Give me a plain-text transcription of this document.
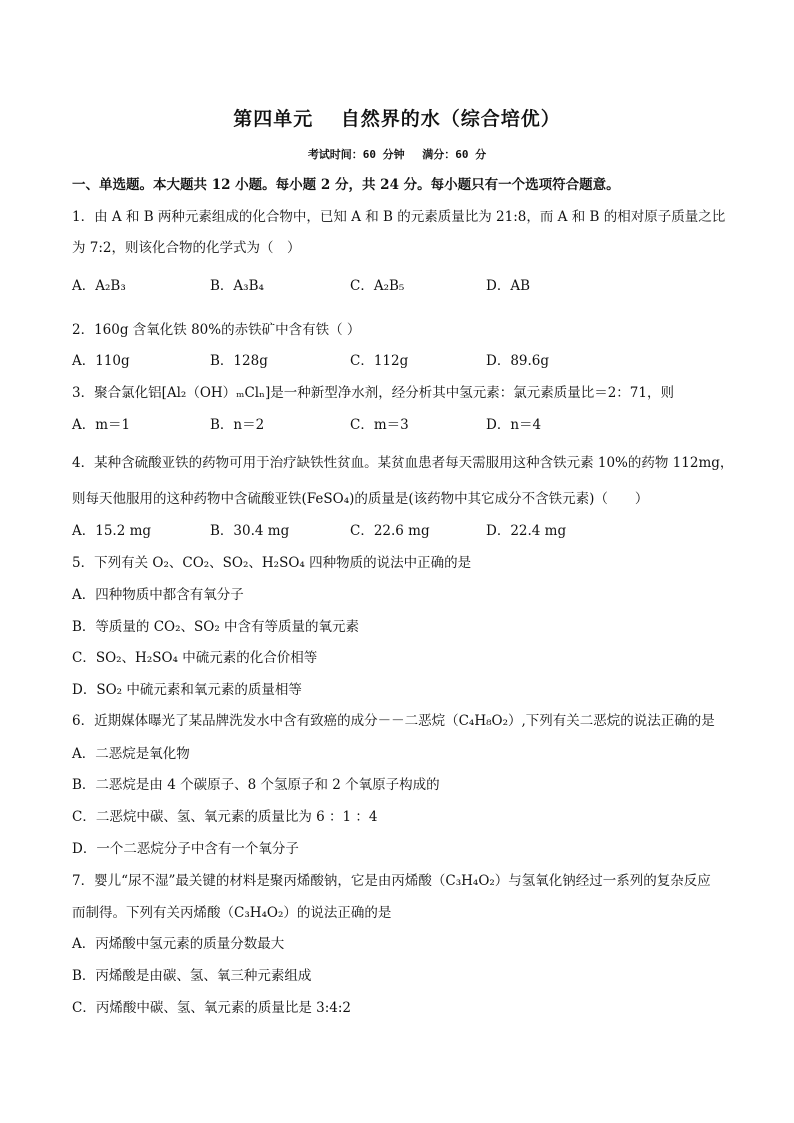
第四单元　 自然界的水（综合培优）
考试时间：60 分钟　 满分：60 分
一、单选题。本大题共 12 小题。每小题 2 分，共 24 分。每小题只有一个选项符合题意。
1．由 A 和 B 两种元素组成的化合物中，已知 A 和 B 的元素质量比为 21:8，而 A 和 B 的相对原子质量之比
为 7:2，则该化合物的化学式为（　）
A．A₂B₃	B．A₃B₄	C．A₂B₅	D．AB
2．160g 含氧化铁 80%的赤铁矿中含有铁（ ）
A．110g	B．128g	C．112g	D．89.6g
3．聚合氯化铝[Al₂（OH）ₘClₙ]是一种新型净水剂，经分析其中氢元素：氯元素质量比＝2：71，则
A．m＝1	B．n＝2	C．m＝3	D．n＝4
4．某种含硫酸亚铁的药物可用于治疗缺铁性贫血。某贫血患者每天需服用这种含铁元素 10%的药物 112mg，
则每天他服用的这种药物中含硫酸亚铁(FeSO₄)的质量是(该药物中其它成分不含铁元素)（　　）
A．15.2 mg	B．30.4 mg	C．22.6 mg	D．22.4 mg
5．下列有关 O₂、CO₂、SO₂、H₂SO₄ 四种物质的说法中正确的是
A．四种物质中都含有氧分子
B．等质量的 CO₂、SO₂ 中含有等质量的氧元素
C．SO₂、H₂SO₄ 中硫元素的化合价相等
D．SO₂ 中硫元素和氧元素的质量相等
6．近期媒体曝光了某品牌洗发水中含有致癌的成分－－二恶烷（C₄H₈O₂）,下列有关二恶烷的说法正确的是
A．二恶烷是氧化物
B．二恶烷是由 4 个碳原子、8 个氢原子和 2 个氧原子构成的
C．二恶烷中碳、氢、氧元素的质量比为 6 ：1 ：4
D．一个二恶烷分子中含有一个氧分子
7．婴儿“尿不湿”最关键的材料是聚丙烯酸钠，它是由丙烯酸（C₃H₄O₂）与氢氧化钠经过一系列的复杂反应
而制得。下列有关丙烯酸（C₃H₄O₂）的说法正确的是
A．丙烯酸中氢元素的质量分数最大
B．丙烯酸是由碳、氢、氧三种元素组成
C．丙烯酸中碳、氢、氧元素的质量比是 3:4:2
